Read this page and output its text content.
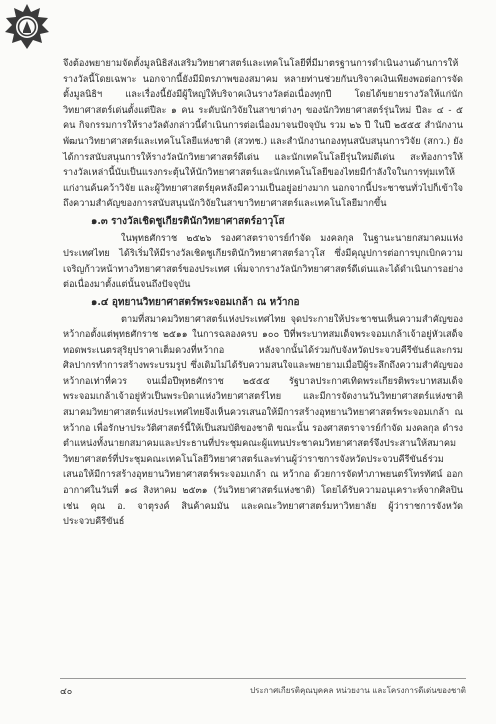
จึงต้องพยายามจัดตั้งมูลนิธิส่งเสริมวิทยาศาสตร์และเทคโนโลยีที่มีมาตรฐานการดำเนินงานด้านการให้รางวัลนี้โดยเฉพาะ นอกจากนี้ยังมีมิตรภาพของสมาคม หลายท่านช่วยกันบริจาคเงินเพียงพอต่อการจัดตั้งมูลนิธิฯ และเรื่องนี้ยังมีผู้ใหญ่ให้บริจาคเงินรางวัลต่อเนื่องทุกปี โดยได้ขยายรางวัลให้แก่นักวิทยาศาสตร์เด่นตั้งแต่ปีละ ๑ คน ระดับนักวิจัยในสาขาต่างๆ ของนักวิทยาศาสตร์รุ่นใหม่ ปีละ ๔ - ๕ คน กิจกรรมการให้รางวัลดังกล่าวนี้ดำเนินการต่อเนื่องมาจนปัจจุบัน รวม ๒๖ ปี ในปี ๒๕๕๕ สำนักงานพัฒนาวิทยาศาสตร์และเทคโนโลยีแห่งชาติ (สวทช.) และสำนักงานกองทุนสนับสนุนการวิจัย (สกว.) ยังได้การสนับสนุนการให้รางวัลนักวิทยาศาสตร์ดีเด่น และนักเทคโนโลยีรุ่นใหม่ดีเด่น สะท้องการให้รางวัลเหล่านี้นับเป็นแรงกระตุ้นให้นักวิทยาศาสตร์และนักเทคโนโลยีของไทยมีกำลังใจในการทุ่มเทให้แก่งานค้นคว้าวิจัย และผู้วิทยาศาสตร์ยุคหลังมีความเป็นอยู่อย่างมาก นอกจากนี้ประชาชนทั่วไปก็เข้าใจถึงความสำคัญของการสนับสนุนนักวิจัยในสาขาวิทยาศาสตร์และเทคโนโลยีมากขึ้น

๑.๓ รางวัลเชิดชูเกียรตินักวิทยาศาสตร์อาวุโส

ในพุทธศักราช ๒๕๒๖ รองศาสตราจารย์กำจัด มงคลกุล ในฐานะนายกสมาคมแห่งประเทศไทย ได้ริเริ่มให้มีรางวัลเชิดชูเกียรตินักวิทยาศาสตร์อาวุโส ซึ่งมีคุณูปการต่อการบุกเบิกความเจริญก้าวหน้าทางวิทยาศาสตร์ของประเทศ เพิ่มจากรางวัลนักวิทยาศาสตร์ดีเด่นและได้ดำเนินการอย่างต่อเนื่องมาตั้งแต่นั้นจนถึงปัจจุบัน

๑.๔ อุทยานวิทยาศาสตร์พระจอมเกล้า ณ หว้ากอ

ตามที่สมาคมวิทยาศาสตร์แห่งประเทศไทย จุดประกายให้ประชาชนเห็นความสำคัญของหว้ากอตั้งแต่พุทธศักราช ๒๕๑๑ ในการฉลองครบ ๑๐๐ ปีที่พระบาทสมเด็จพระจอมเกล้าเจ้าอยู่หัวเสด็จทอดพระเนตรสุริยุปราคาเต็มดวงที่หว้ากอ หลังจากนั้นได้ร่วมกับจังหวัดประจวบคีรีขันธ์และกรมศิลปากรทำการสร้างพระบรมรูป ซึ่งเดิมไม่ได้รับความสนใจและพยายามเมื่อปีผู้ระลึกถึงความสำคัญของหว้ากอเท่าที่ควร จนเมื่อปีพุทธศักราช ๒๕๕๕ รัฐบาลประกาศเทิดพระเกียรติพระบาทสมเด็จพระจอมเกล้าเจ้าอยู่หัวเป็นพระบิดาแห่งวิทยาศาสตร์ไทย และมีการจัดงานวันวิทยาศาสตร์แห่งชาติ สมาคมวิทยาศาสตร์แห่งประเทศไทยจึงเห็นควรเสนอให้มีการสร้างอุทยานวิทยาศาสตร์พระจอมเกล้า ณ หว้ากอ เพื่อรักษาประวัติศาสตร์นี้ให้เป็นสมบัติของชาติ ขณะนั้น รองศาสตราจารย์กำจัด มงคลกุล ดำรงตำแหน่งทั้งนายกสมาคมและประธานที่ประชุมคณะผู้แทนประชาคมวิทยาศาสตร์จึงประสานให้สมาคมวิทยาศาสตร์ที่ประชุมคณะเทคโนโลยีวิทยาศาสตร์และท่านผู้ว่าราชการจังหวัดประจวบคีรีขันธ์ร่วมเสนอให้มีการสร้างอุทยานวิทยาศาสตร์พระจอมเกล้า ณ หว้ากอ ด้วยการจัดทำภาพยนตร์โทรทัศน์ ออกอากาศในวันที่ ๑๘ สิงหาคม ๒๕๓๑ (วันวิทยาศาสตร์แห่งชาติ) โดยได้รับความอนุเคราะห์จากศิลปิน เช่น คุณ อ. จาตุรงค์ สินค้าคมมัน และคณะวิทยาศาสตร์มหาวิทยาลัย ผู้ว่าราชการจังหวัดประจวบคีรีขันธ์

๔๐	ประกาศเกียรติคุณบุคคล หน่วยงาน และโครงการดีเด่นของชาติ
